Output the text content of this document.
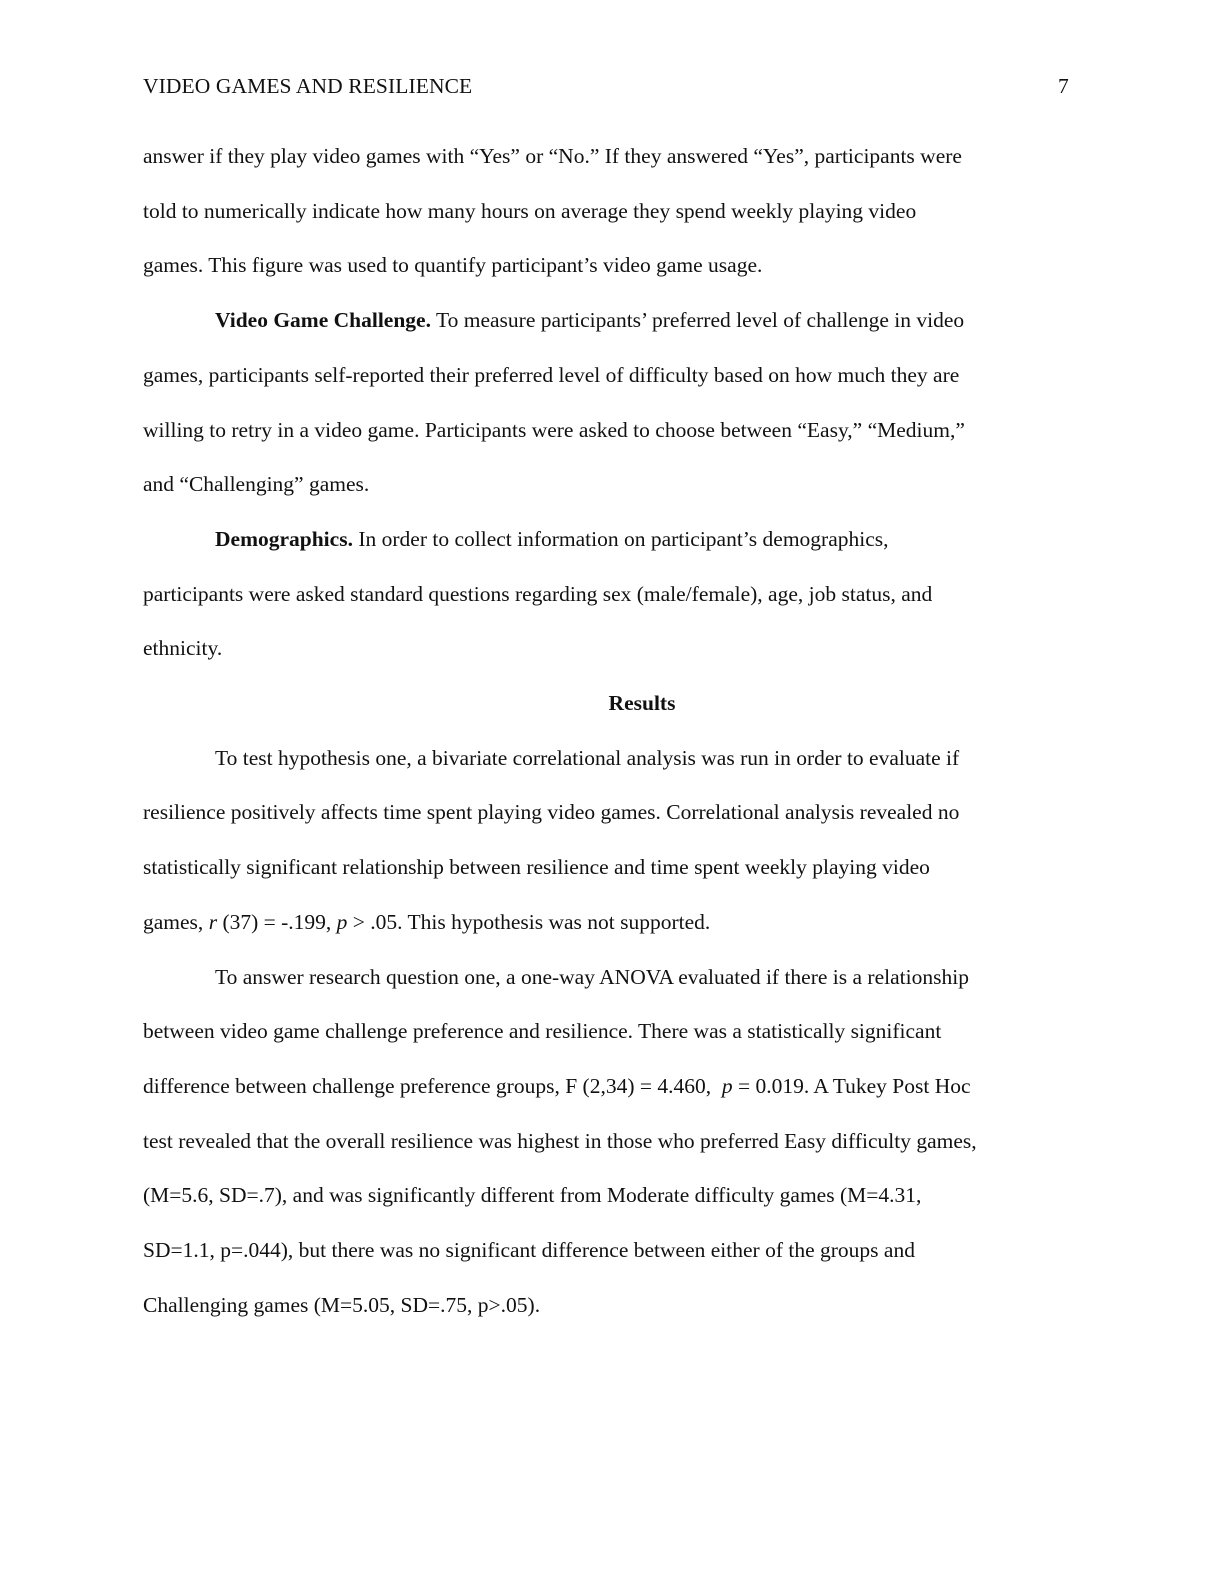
VIDEO GAMES AND RESILIENCE	7

answer if they play video games with “Yes” or “No.” If they answered “Yes”, participants were

told to numerically indicate how many hours on average they spend weekly playing video

games. This figure was used to quantify participant’s video game usage.

Video Game Challenge. To measure participants’ preferred level of challenge in video

games, participants self-reported their preferred level of difficulty based on how much they are

willing to retry in a video game. Participants were asked to choose between “Easy,” “Medium,”

and “Challenging” games.

Demographics. In order to collect information on participant’s demographics,

participants were asked standard questions regarding sex (male/female), age, job status, and

ethnicity.

Results

To test hypothesis one, a bivariate correlational analysis was run in order to evaluate if

resilience positively affects time spent playing video games. Correlational analysis revealed no

statistically significant relationship between resilience and time spent weekly playing video

games, r (37) = -.199, p > .05. This hypothesis was not supported.

To answer research question one, a one-way ANOVA evaluated if there is a relationship

between video game challenge preference and resilience. There was a statistically significant

difference between challenge preference groups, F (2,34) = 4.460,  p = 0.019. A Tukey Post Hoc

test revealed that the overall resilience was highest in those who preferred Easy difficulty games,

(M=5.6, SD=.7), and was significantly different from Moderate difficulty games (M=4.31,

SD=1.1, p=.044), but there was no significant difference between either of the groups and

Challenging games (M=5.05, SD=.75, p>.05).
